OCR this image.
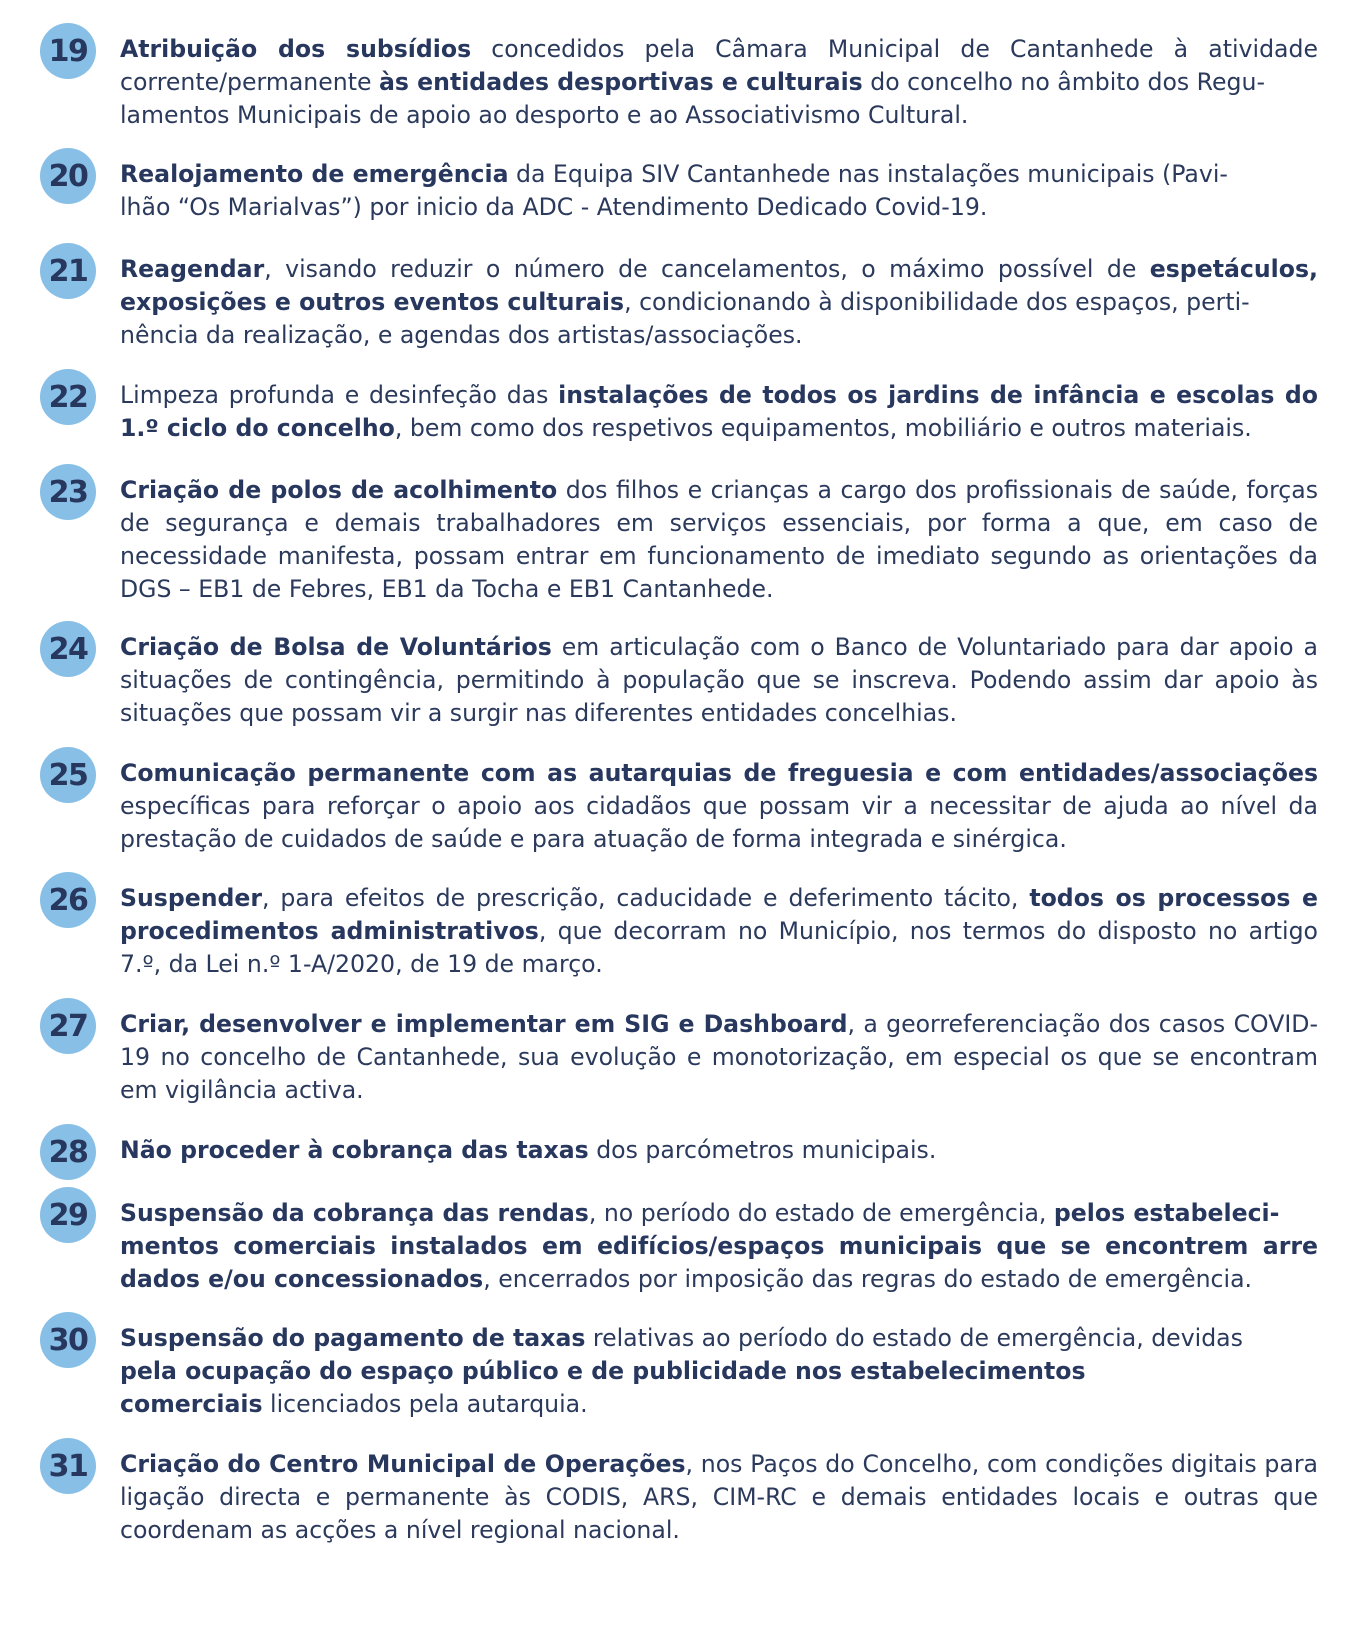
19	Atribuição dos subsídios concedidos pela Câmara Municipal de Cantanhede à atividade corrente/permanente às entidades desportivas e culturais do concelho no âmbito dos Regu-
lamentos Municipais de apoio ao desporto e ao Associativismo Cultural.
20	Realojamento de emergência da Equipa SIV Cantanhede nas instalações municipais (Pavi-
lhão “Os Marialvas”) por inicio da ADC - Atendimento Dedicado Covid-19.
21	Reagendar, visando reduzir o número de cancelamentos, o máximo possível de espetáculos, exposições e outros eventos culturais, condicionando à disponibilidade dos espaços, perti-
nência da realização, e agendas dos artistas/associações.
22	Limpeza profunda e desinfeção das instalações de todos os jardins de infância e escolas do 1.º ciclo do concelho, bem como dos respetivos equipamentos, mobiliário e outros materiais.
23	Criação de polos de acolhimento dos filhos e crianças a cargo dos profissionais de saúde, forças de segurança e demais trabalhadores em serviços essenciais, por forma a que, em caso de necessidade manifesta, possam entrar em funcionamento de imediato segundo as orientações da DGS – EB1 de Febres, EB1 da Tocha e EB1 Cantanhede.
24	Criação de Bolsa de Voluntários em articulação com o Banco de Voluntariado para dar apoio a situações de contingência, permitindo à população que se inscreva. Podendo assim dar apoio às situações que possam vir a surgir nas diferentes entidades concelhias.
25	Comunicação permanente com as autarquias de freguesia e com entidades/associações específicas para reforçar o apoio aos cidadãos que possam vir a necessitar de ajuda ao nível da prestação de cuidados de saúde e para atuação de forma integrada e sinérgica.
26	Suspender, para efeitos de prescrição, caducidade e deferimento tácito, todos os processos e procedimentos administrativos, que decorram no Município, nos termos do disposto no artigo 7.º, da Lei n.º 1-A/2020, de 19 de março.
27	Criar, desenvolver e implementar em SIG e Dashboard, a georreferenciação dos casos COVID-19 no concelho de Cantanhede, sua evolução e monotorização, em especial os que se encontram em vigilância activa.
28	Não proceder à cobrança das taxas dos parcómetros municipais.
29	Suspensão da cobrança das rendas, no período do estado de emergência, pelos estabeleci-
mentos comerciais instalados em edifícios/espaços municipais que se encontrem arre
dados e/ou concessionados, encerrados por imposição das regras do estado de emergência.
30	Suspensão do pagamento de taxas relativas ao período do estado de emergência, devidas
pela ocupação do espaço público e de publicidade nos estabelecimentos
comerciais licenciados pela autarquia.
31	Criação do Centro Municipal de Operações, nos Paços do Concelho, com condições digitais para ligação directa e permanente às CODIS, ARS, CIM-RC e demais entidades locais e outras que coordenam as acções a nível regional nacional.
